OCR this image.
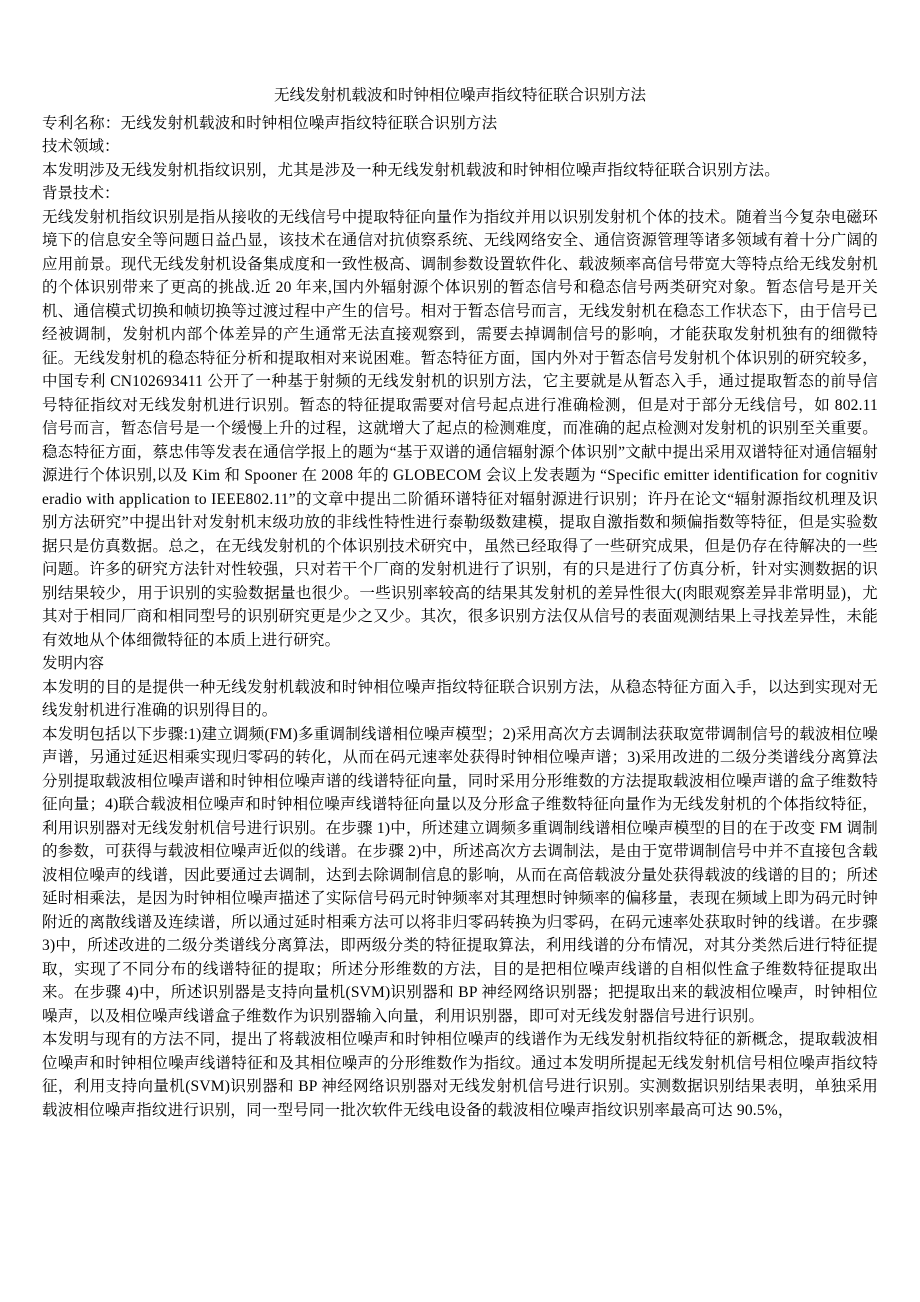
无线发射机载波和时钟相位噪声指纹特征联合识别方法

专利名称：无线发射机载波和时钟相位噪声指纹特征联合识别方法

技术领域：

本发明涉及无线发射机指纹识别，尤其是涉及一种无线发射机载波和时钟相位噪声指纹特征联合识别方法。

背景技术：

无线发射机指纹识别是指从接收的无线信号中提取特征向量作为指纹并用以识别发射机个体的技术。随着当今复杂电磁环境下的信息安全等问题日益凸显，该技术在通信对抗侦察系统、无线网络安全、通信资源管理等诸多领域有着十分广阔的应用前景。现代无线发射机设备集成度和一致性极高、调制参数设置软件化、载波频率高信号带宽大等特点给无线发射机的个体识别带来了更高的挑战.近 20 年来,国内外辐射源个体识别的暂态信号和稳态信号两类研究对象。暂态信号是开关机、通信模式切换和帧切换等过渡过程中产生的信号。相对于暂态信号而言，无线发射机在稳态工作状态下，由于信号已经被调制，发射机内部个体差异的产生通常无法直接观察到，需要去掉调制信号的影响，才能获取发射机独有的细微特征。无线发射机的稳态特征分析和提取相对来说困难。暂态特征方面，国内外对于暂态信号发射机个体识别的研究较多，中国专利 CN102693411 公开了一种基于射频的无线发射机的识别方法，它主要就是从暂态入手，通过提取暂态的前导信号特征指纹对无线发射机进行识别。暂态的特征提取需要对信号起点进行准确检测，但是对于部分无线信号，如 802.11 信号而言，暂态信号是一个缓慢上升的过程，这就增大了起点的检测难度，而准确的起点检测对发射机的识别至关重要。稳态特征方面，蔡忠伟等发表在通信学报上的题为“基于双谱的通信辐射源个体识别”文献中提出采用双谱特征对通信辐射源进行个体识别,以及 Kim 和 Spooner 在 2008 年的 GLOBECOM 会议上发表题为 “Specific emitter identification for cognitiveradio with application to IEEE802.11”的文章中提出二阶循环谱特征对辐射源进行识别；许丹在论文“辐射源指纹机理及识别方法研究”中提出针对发射机末级功放的非线性特性进行泰勒级数建模，提取自激指数和频偏指数等特征，但是实验数据只是仿真数据。总之，在无线发射机的个体识别技术研究中，虽然已经取得了一些研究成果，但是仍存在待解决的一些问题。许多的研究方法针对性较强，只对若干个厂商的发射机进行了识别，有的只是进行了仿真分析，针对实测数据的识别结果较少，用于识别的实验数据量也很少。一些识别率较高的结果其发射机的差异性很大(肉眼观察差异非常明显)，尤其对于相同厂商和相同型号的识别研究更是少之又少。其次，很多识别方法仅从信号的表面观测结果上寻找差异性，未能有效地从个体细微特征的本质上进行研究。

发明内容

本发明的目的是提供一种无线发射机载波和时钟相位噪声指纹特征联合识别方法，从稳态特征方面入手，以达到实现对无线发射机进行准确的识别得目的。

本发明包括以下步骤:1)建立调频(FM)多重调制线谱相位噪声模型；2)采用高次方去调制法获取宽带调制信号的载波相位噪声谱，另通过延迟相乘实现归零码的转化，从而在码元速率处获得时钟相位噪声谱；3)采用改进的二级分类谱线分离算法分别提取载波相位噪声谱和时钟相位噪声谱的线谱特征向量，同时采用分形维数的方法提取载波相位噪声谱的盒子维数特征向量；4)联合载波相位噪声和时钟相位噪声线谱特征向量以及分形盒子维数特征向量作为无线发射机的个体指纹特征，利用识别器对无线发射机信号进行识别。在步骤 1)中，所述建立调频多重调制线谱相位噪声模型的目的在于改变 FM 调制的参数，可获得与载波相位噪声近似的线谱。在步骤 2)中，所述高次方去调制法，是由于宽带调制信号中并不直接包含载波相位噪声的线谱，因此要通过去调制，达到去除调制信息的影响，从而在高倍载波分量处获得载波的线谱的目的；所述延时相乘法，是因为时钟相位噪声描述了实际信号码元时钟频率对其理想时钟频率的偏移量，表现在频域上即为码元时钟附近的离散线谱及连续谱，所以通过延时相乘方法可以将非归零码转换为归零码，在码元速率处获取时钟的线谱。在步骤 3)中，所述改进的二级分类谱线分离算法，即两级分类的特征提取算法，利用线谱的分布情况，对其分类然后进行特征提取，实现了不同分布的线谱特征的提取；所述分形维数的方法，目的是把相位噪声线谱的自相似性盒子维数特征提取出来。在步骤 4)中，所述识别器是支持向量机(SVM)识别器和 BP 神经网络识别器；把提取出来的载波相位噪声，时钟相位噪声，以及相位噪声线谱盒子维数作为识别器输入向量，利用识别器，即可对无线发射器信号进行识别。

本发明与现有的方法不同，提出了将载波相位噪声和时钟相位噪声的线谱作为无线发射机指纹特征的新概念，提取载波相位噪声和时钟相位噪声线谱特征和及其相位噪声的分形维数作为指纹。通过本发明所提起无线发射机信号相位噪声指纹特征，利用支持向量机(SVM)识别器和 BP 神经网络识别器对无线发射机信号进行识别。实测数据识别结果表明，单独采用载波相位噪声指纹进行识别，同一型号同一批次软件无线电设备的载波相位噪声指纹识别率最高可达 90.5%，
